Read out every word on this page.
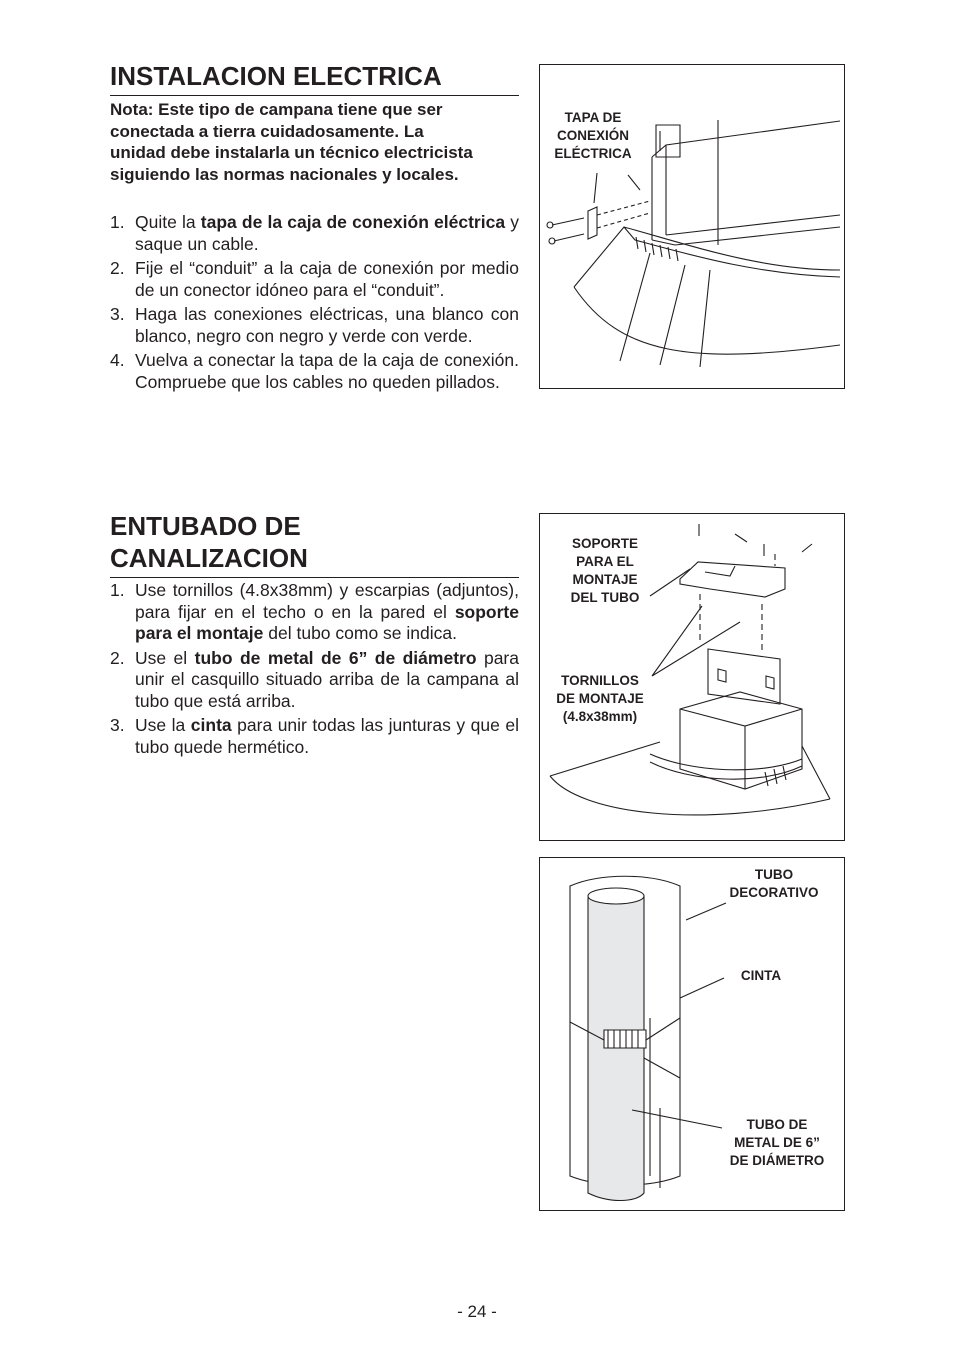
INSTALACION ELECTRICA
Nota: Este tipo de campana tiene que ser
conectada a tierra cuidadosamente. La
unidad debe instalarla un técnico electricista
siguiendo las normas nacionales y locales.
1. Quite la tapa de la caja de conexión eléctrica y saque un cable.
2. Fije el “conduit” a la caja de conexión por medio de un conector idóneo para el “conduit”.
3. Haga las conexiones eléctricas, una blanco con blanco, negro con negro y verde con verde.
4. Vuelva a conectar la tapa de la caja de conexión. Compruebe que los cables no queden pillados.
TAPA DE
CONEXIÓN
ELÉCTRICA
ENTUBADO DE
CANALIZACION
1. Use tornillos (4.8x38mm) y escarpias (adjuntos), para fijar en el techo o en la pared el soporte para el montaje del tubo como se indica.
2. Use el tubo de metal de 6” de diámetro para unir el casquillo situado arriba de la campana al tubo que está arriba.
3. Use la cinta para unir todas las junturas y que el tubo quede hermético.
SOPORTE
PARA EL
MONTAJE
DEL TUBO
TORNILLOS
DE MONTAJE
(4.8x38mm)
TUBO
DECORATIVO
CINTA
TUBO DE
METAL DE 6”
DE DIÁMETRO
- 24 -
